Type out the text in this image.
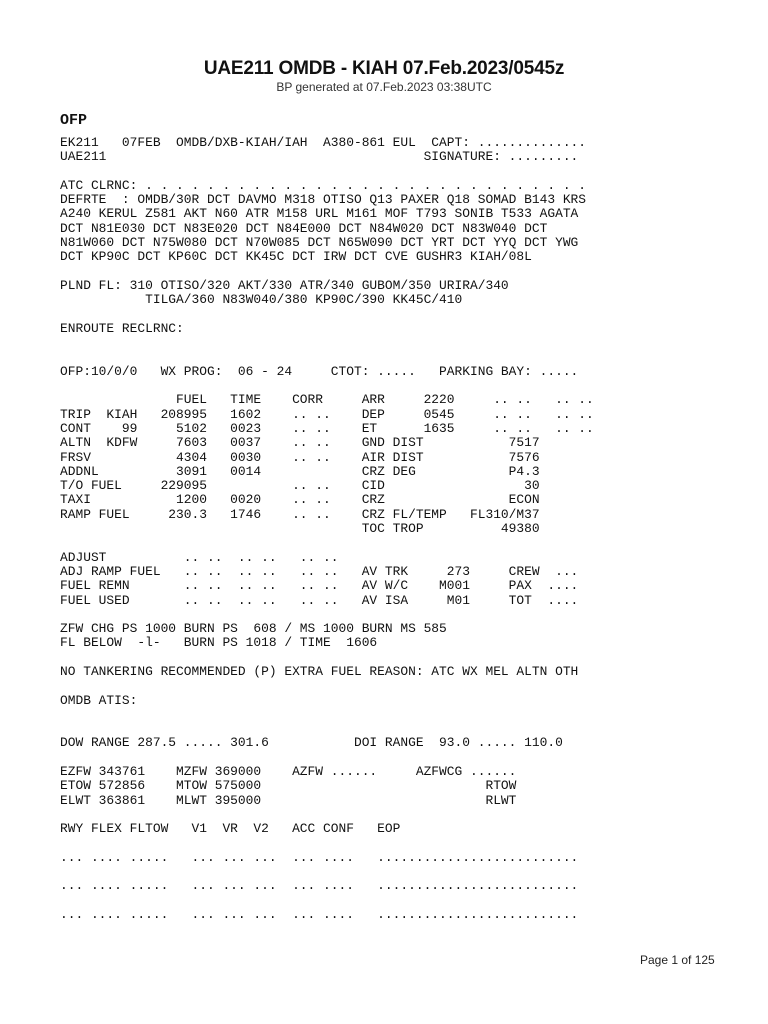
UAE211 OMDB - KIAH 07.Feb.2023/0545z
BP generated at 07.Feb.2023 03:38UTC
OFP
EK211   07FEB  OMDB/DXB-KIAH/IAH  A380-861 EUL  CAPT: ..............
UAE211                                         SIGNATURE: .........

ATC CLRNC: . . . . . . . . . . . . . . . . . . . . . . . . . . . . .
DEFRTE  : OMDB/30R DCT DAVMO M318 OTISO Q13 PAXER Q18 SOMAD B143 KRS
A240 KERUL Z581 AKT N60 ATR M158 URL M161 MOF T793 SONIB T533 AGATA
DCT N81E030 DCT N83E020 DCT N84E000 DCT N84W020 DCT N83W040 DCT
N81W060 DCT N75W080 DCT N70W085 DCT N65W090 DCT YRT DCT YYQ DCT YWG
DCT KP90C DCT KP60C DCT KK45C DCT IRW DCT CVE GUSHR3 KIAH/08L

PLND FL: 310 OTISO/320 AKT/330 ATR/340 GUBOM/350 URIRA/340
TILGA/360 N83W040/380 KP90C/390 KK45C/410

ENROUTE RECLRNC:

OFP:10/0/0   WX PROG:  06 - 24     CTOT: .....   PARKING BAY: .....

FUEL   TIME    CORR     ARR     2220     .. ..   .. ..
TRIP  KIAH   208995   1602    .. ..    DEP     0545     .. ..   .. ..
CONT    99     5102   0023    .. ..    ET      1635     .. ..   .. ..
ALTN  KDFW     7603   0037    .. ..    GND DIST           7517
FRSV           4304   0030    .. ..    AIR DIST           7576
ADDNL          3091   0014             CRZ DEG            P4.3
T/O FUEL     229095           .. ..    CID                  30
TAXI           1200   0020    .. ..    CRZ                ECON
RAMP FUEL     230.3   1746    .. ..    CRZ FL/TEMP   FL310/M37
TOC TROP          49380

ADJUST          .. ..  .. ..   .. ..
ADJ RAMP FUEL   .. ..  .. ..   .. ..   AV TRK     273     CREW  ...
FUEL REMN       .. ..  .. ..   .. ..   AV W/C    M001     PAX  ....
FUEL USED       .. ..  .. ..   .. ..   AV ISA     M01     TOT  ....

ZFW CHG PS 1000 BURN PS  608 / MS 1000 BURN MS 585
FL BELOW  -l-   BURN PS 1018 / TIME  1606

NO TANKERING RECOMMENDED (P) EXTRA FUEL REASON: ATC WX MEL ALTN OTH

OMDB ATIS:

DOW RANGE 287.5 ..... 301.6           DOI RANGE  93.0 ..... 110.0

EZFW 343761    MZFW 369000    AZFW ......     AZFWCG ......
ETOW 572856    MTOW 575000                             RTOW
ELWT 363861    MLWT 395000                             RLWT

RWY FLEX FLTOW   V1  VR  V2   ACC CONF   EOP

... .... .....   ... ... ...  ... ....   ..........................

... .... .....   ... ... ...  ... ....   ..........................

... .... .....   ... ... ...  ... ....   ..........................

Page 1 of 125
